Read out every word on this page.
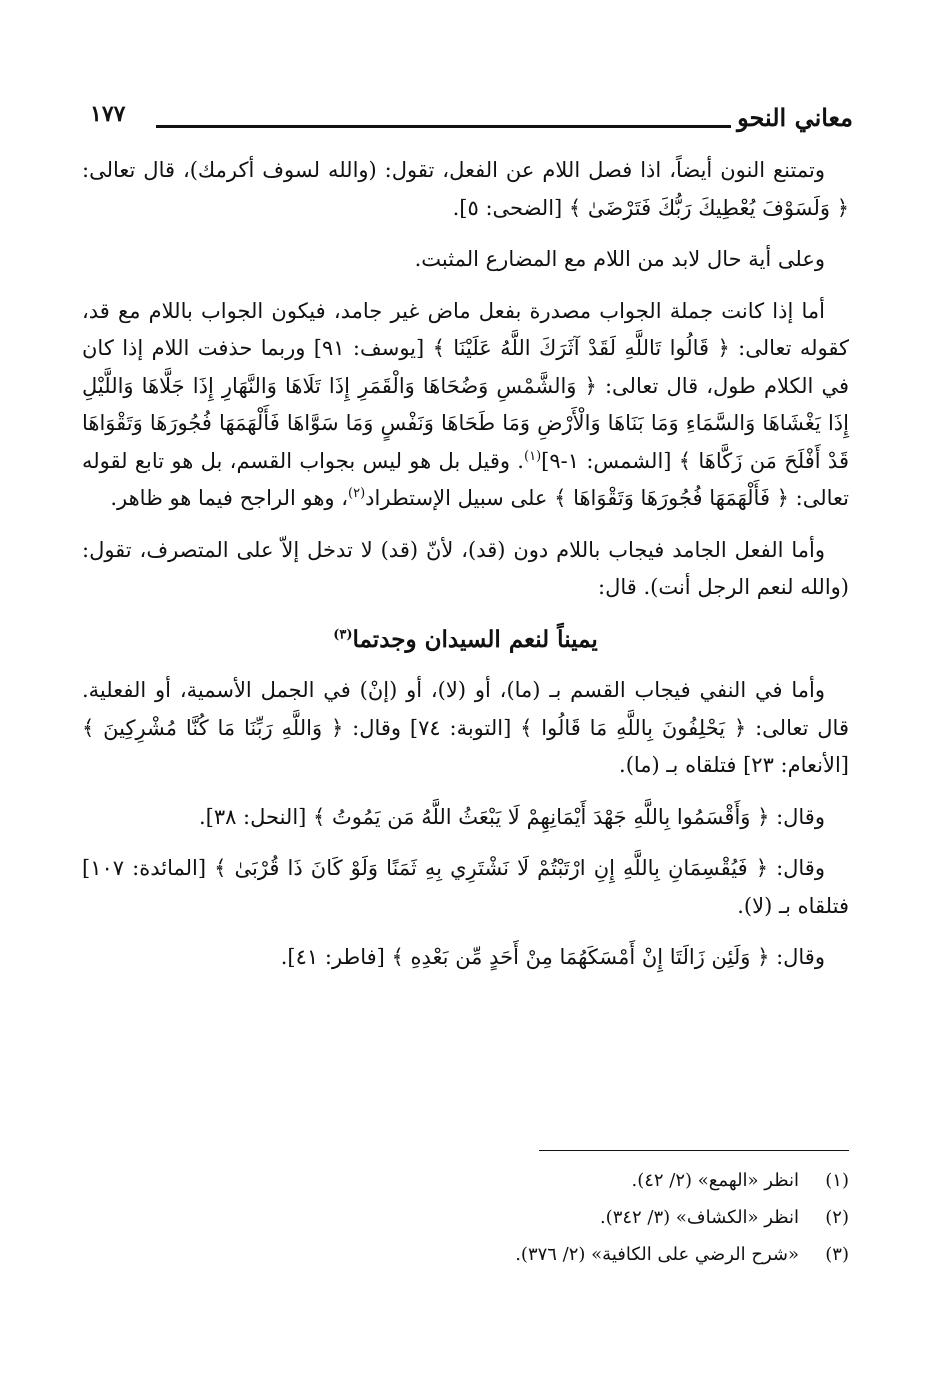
معاني النحو
١٧٧

وتمتنع النون أيضاً، اذا فصل اللام عن الفعل، تقول: (والله لسوف أكرمك)، قال تعالى: ﴿ وَلَسَوْفَ يُعْطِيكَ رَبُّكَ فَتَرْضَىٰ ﴾ [الضحى: ٥].

وعلى أية حال لابد من اللام مع المضارع المثبت.

أما إذا كانت جملة الجواب مصدرة بفعل ماض غير جامد، فيكون الجواب باللام مع قد، كقوله تعالى: ﴿ قَالُوا تَاللَّهِ لَقَدْ آثَرَكَ اللَّهُ عَلَيْنَا ﴾ [يوسف: ٩١] وربما حذفت اللام إذا كان في الكلام طول، قال تعالى: ﴿ وَالشَّمْسِ وَضُحَاهَا وَالْقَمَرِ إِذَا تَلَاهَا وَالنَّهَارِ إِذَا جَلَّاهَا وَاللَّيْلِ إِذَا يَغْشَاهَا وَالسَّمَاءِ وَمَا بَنَاهَا وَالْأَرْضِ وَمَا طَحَاهَا وَنَفْسٍ وَمَا سَوَّاهَا فَأَلْهَمَهَا فُجُورَهَا وَتَقْوَاهَا قَدْ أَفْلَحَ مَن زَكَّاهَا ﴾ [الشمس: ١-٩]$^{(١)}$. وقيل بل هو ليس بجواب القسم، بل هو تابع لقوله تعالى: ﴿ فَأَلْهَمَهَا فُجُورَهَا وَتَقْوَاهَا ﴾ على سبيل الإستطراد$^{(٢)}$، وهو الراجح فيما هو ظاهر.

وأما الفعل الجامد فيجاب باللام دون (قد)، لأنّ (قد) لا تدخل إلاّ على المتصرف، تقول: (والله لنعم الرجل أنت). قال:

يميناً لنعم السيدان وجدتما$^{(٣)}$

وأما في النفي فيجاب القسم بـ (ما)، أو (لا)، أو (إنْ) في الجمل الأسمية، أو الفعلية. قال تعالى: ﴿ يَحْلِفُونَ بِاللَّهِ مَا قَالُوا ﴾ [التوبة: ٧٤] وقال: ﴿ وَاللَّهِ رَبِّنَا مَا كُنَّا مُشْرِكِينَ ﴾ [الأنعام: ٢٣] فتلقاه بـ (ما).

وقال: ﴿ وَأَقْسَمُوا بِاللَّهِ جَهْدَ أَيْمَانِهِمْ لَا يَبْعَثُ اللَّهُ مَن يَمُوتُ ﴾ [النحل: ٣٨].

وقال: ﴿ فَيُقْسِمَانِ بِاللَّهِ إِنِ ارْتَبْتُمْ لَا نَشْتَرِي بِهِ ثَمَنًا وَلَوْ كَانَ ذَا قُرْبَىٰ ﴾ [المائدة: ١٠٧] فتلقاه بـ (لا).

وقال: ﴿ وَلَئِن زَالَتَا إِنْ أَمْسَكَهُمَا مِنْ أَحَدٍ مِّن بَعْدِهِ ﴾ [فاطر: ٤١].

(١)
انظر «الهمع» (٢/ ٤٢).
(٢)
انظر «الكشاف» (٣/ ٣٤٢).
(٣)
«شرح الرضي على الكافية» (٢/ ٣٧٦).
